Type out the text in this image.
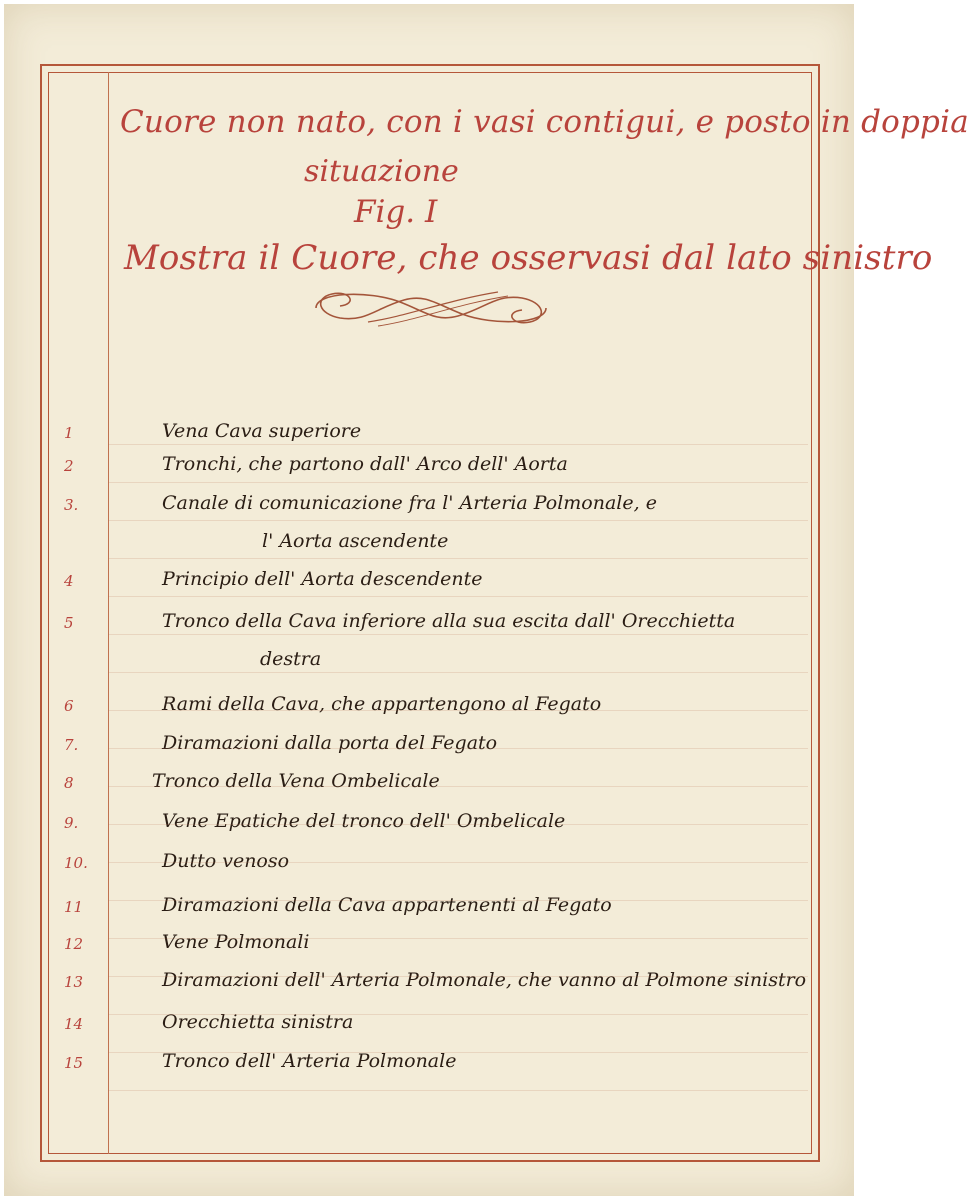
Cuore non nato, con i vasi contigui, e posto in doppia
situazione
Fig. I
Mostra il Cuore, che osservasi dal lato sinistro
1	Vena Cava superiore
2	Tronchi, che partono dall' Arco dell' Aorta
3.	Canale di comunicazione fra l' Arteria Polmonale, e
l' Aorta ascendente
4	Principio dell' Aorta descendente
5	Tronco della Cava inferiore alla sua escita dall' Orecchietta
destra
6	Rami della Cava, che appartengono al Fegato
7.	Diramazioni dalla porta del Fegato
8	Tronco della Vena Ombelicale
9.	Vene Epatiche del tronco dell' Ombelicale
10.	Dutto venoso
11	Diramazioni della Cava appartenenti al Fegato
12	Vene Polmonali
13	Diramazioni dell' Arteria Polmonale, che vanno al Polmone sinistro
14	Orecchietta sinistra
15	Tronco dell' Arteria Polmonale
